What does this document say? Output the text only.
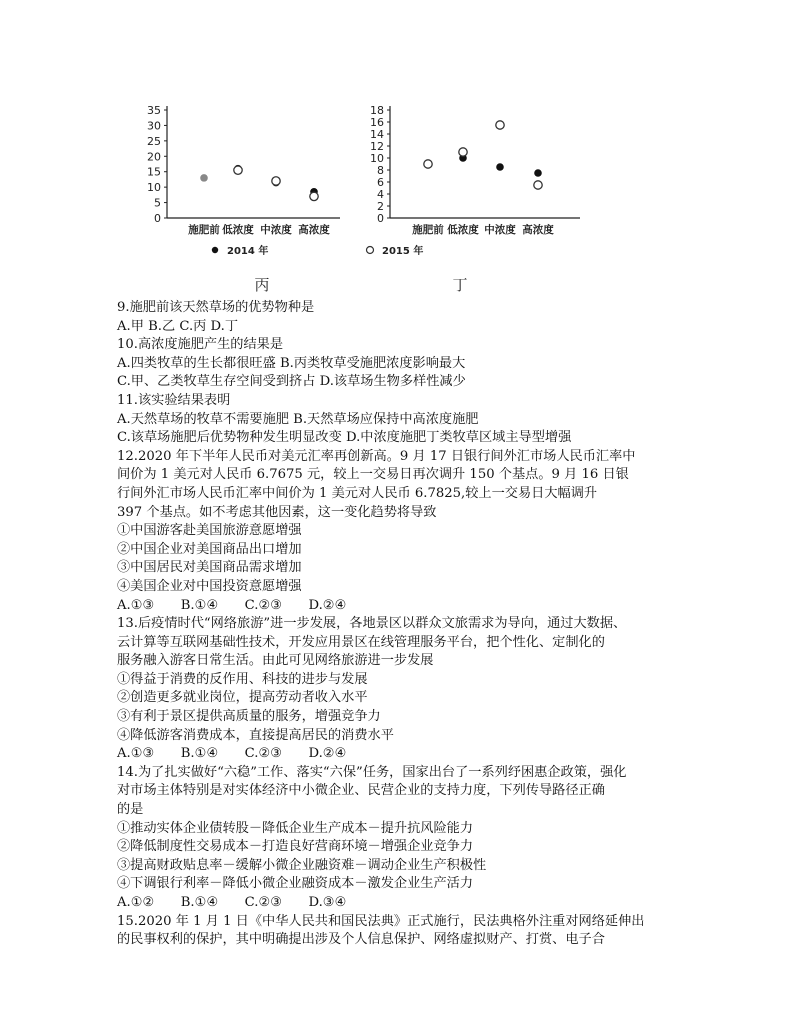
35
30
25
20
15
10
5
0
施肥前 低浓度 中浓度 高浓度
2014 年
丙
18
16
14
12
10
8
6
4
2
0
施肥前 低浓度 中浓度 高浓度
2015 年
丁
9.施肥前该天然草场的优势物种是
A.甲 B.乙 C.丙 D.丁
10.高浓度施肥产生的结果是
A.四类牧草的生长都很旺盛 B.丙类牧草受施肥浓度影响最大
C.甲、乙类牧草生存空间受到挤占 D.该草场生物多样性减少
11.该实验结果表明
A.天然草场的牧草不需要施肥 B.天然草场应保持中高浓度施肥
C.该草场施肥后优势物种发生明显改变 D.中浓度施肥丁类牧草区域主导型增强
12.2020 年下半年人民币对美元汇率再创新高。9 月 17 日银行间外汇市场人民币汇率中
间价为 1 美元对人民币 6.7675 元，较上一交易日再次调升 150 个基点。9 月 16 日银
行间外汇市场人民币汇率中间价为 1 美元对人民币 6.7825,较上一交易日大幅调升
397 个基点。如不考虑其他因素，这一变化趋势将导致
①中国游客赴美国旅游意愿增强
②中国企业对美国商品出口增加
③中国居民对美国商品需求增加
④美国企业对中国投资意愿增强
A.①③　　B.①④　　C.②③　　D.②④
13.后疫情时代“网络旅游”进一步发展，各地景区以群众文旅需求为导向，通过大数据、
云计算等互联网基础性技术，开发应用景区在线管理服务平台，把个性化、定制化的
服务融入游客日常生活。由此可见网络旅游进一步发展
①得益于消费的反作用、科技的进步与发展
②创造更多就业岗位，提高劳动者收入水平
③有利于景区提供高质量的服务，增强竞争力
④降低游客消费成本，直接提高居民的消费水平
A.①③　　B.①④　　C.②③　　D.②④
14.为了扎实做好“六稳”工作、落实“六保”任务，国家出台了一系列纾困惠企政策，强化
对市场主体特别是对实体经济中小微企业、民营企业的支持力度，下列传导路径正确
的是
①推动实体企业债转股－降低企业生产成本－提升抗风险能力
②降低制度性交易成本－打造良好营商环境－增强企业竞争力
③提高财政贴息率－缓解小微企业融资难－调动企业生产积极性
④下调银行利率－降低小微企业融资成本－激发企业生产活力
A.①②　　B.①④　　C.②③　　D.③④
15.2020 年 1 月 1 日《中华人民共和国民法典》正式施行，民法典格外注重对网络延伸出
的民事权利的保护，其中明确提出涉及个人信息保护、网络虚拟财产、打赏、电子合
